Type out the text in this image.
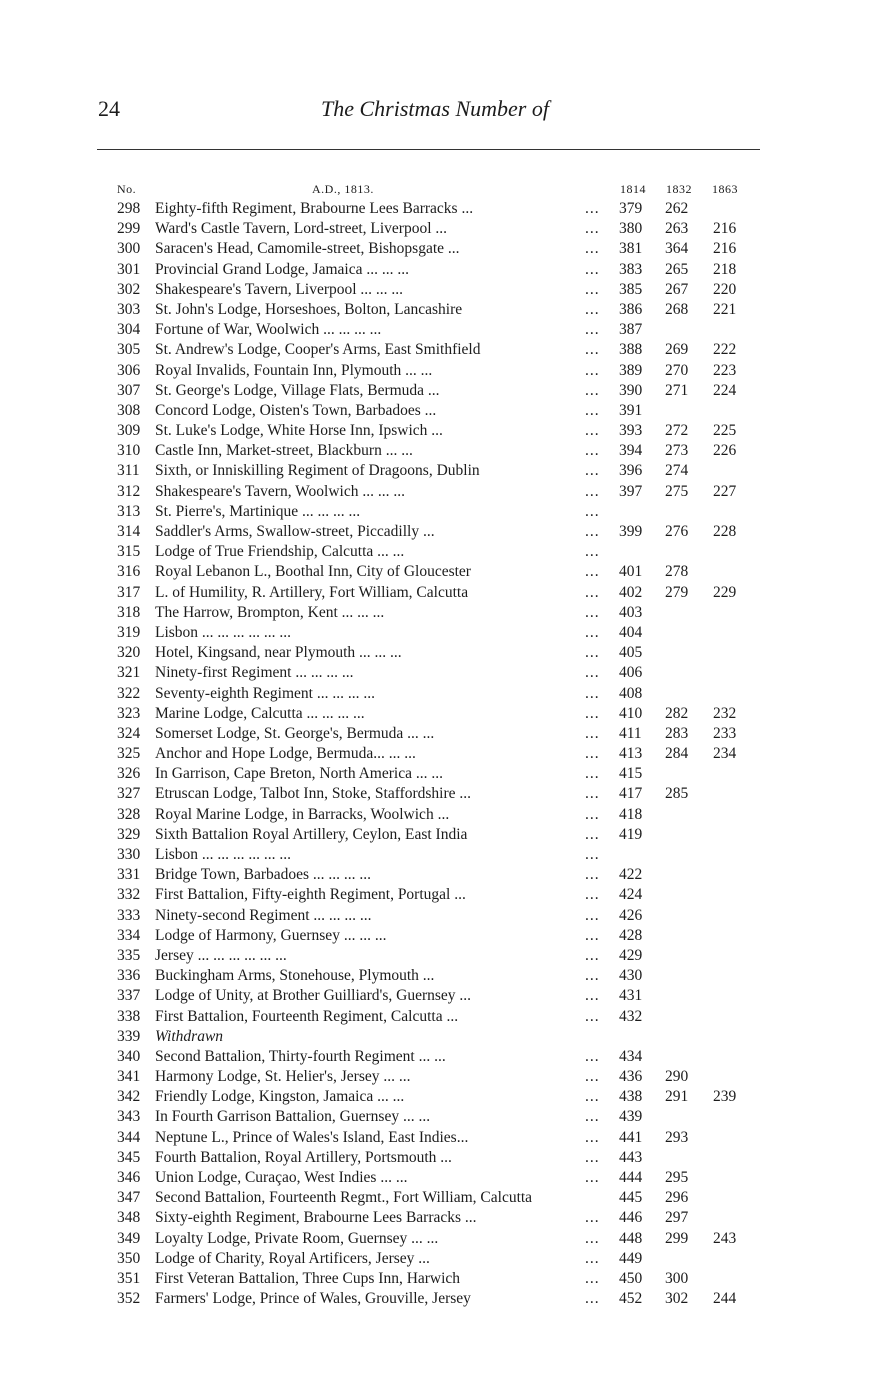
24	The Christmas Number of
No.	A.D., 1813.	1814 1832 1863
298 Eighty-fifth Regiment, Brabourne Lees Barracks ...	... 379 262
299 Ward's Castle Tavern, Lord-street, Liverpool ...	... 380 263 216
300 Saracen's Head, Camomile-street, Bishopsgate ...	... 381 364 216
301 Provincial Grand Lodge, Jamaica ... ... ...	... 383 265 218
302 Shakespeare's Tavern, Liverpool ... ... ...	... 385 267 220
303 St. John's Lodge, Horseshoes, Bolton, Lancashire	... 386 268 221
304 Fortune of War, Woolwich ... ... ... ...	... 387
305 St. Andrew's Lodge, Cooper's Arms, East Smithfield	... 388 269 222
306 Royal Invalids, Fountain Inn, Plymouth ... ...	... 389 270 223
307 St. George's Lodge, Village Flats, Bermuda ...	... 390 271 224
308 Concord Lodge, Oisten's Town, Barbadoes ...	... 391
309 St. Luke's Lodge, White Horse Inn, Ipswich ...	... 393 272 225
310 Castle Inn, Market-street, Blackburn ... ...	... 394 273 226
311 Sixth, or Inniskilling Regiment of Dragoons, Dublin	... 396 274
312 Shakespeare's Tavern, Woolwich ... ... ...	... 397 275 227
313 St. Pierre's, Martinique ... ... ... ...	...
314 Saddler's Arms, Swallow-street, Piccadilly ...	... 399 276 228
315 Lodge of True Friendship, Calcutta ... ...	...
316 Royal Lebanon L., Boothal Inn, City of Gloucester	... 401 278
317 L. of Humility, R. Artillery, Fort William, Calcutta	... 402 279 229
318 The Harrow, Brompton, Kent ... ... ...	... 403
319 Lisbon ... ... ... ... ... ...	... 404
320 Hotel, Kingsand, near Plymouth ... ... ...	... 405
321 Ninety-first Regiment ... ... ... ...	... 406
322 Seventy-eighth Regiment ... ... ... ...	... 408
323 Marine Lodge, Calcutta ... ... ... ...	... 410 282 232
324 Somerset Lodge, St. George's, Bermuda ... ...	... 411 283 233
325 Anchor and Hope Lodge, Bermuda... ... ...	... 413 284 234
326 In Garrison, Cape Breton, North America ... ...	... 415
327 Etruscan Lodge, Talbot Inn, Stoke, Staffordshire ...	... 417 285
328 Royal Marine Lodge, in Barracks, Woolwich ...	... 418
329 Sixth Battalion Royal Artillery, Ceylon, East India	... 419
330 Lisbon ... ... ... ... ... ...	...
331 Bridge Town, Barbadoes ... ... ... ...	... 422
332 First Battalion, Fifty-eighth Regiment, Portugal ...	... 424
333 Ninety-second Regiment ... ... ... ...	... 426
334 Lodge of Harmony, Guernsey ... ... ...	... 428
335 Jersey ... ... ... ... ... ...	... 429
336 Buckingham Arms, Stonehouse, Plymouth ...	... 430
337 Lodge of Unity, at Brother Guilliard's, Guernsey ...	... 431
338 First Battalion, Fourteenth Regiment, Calcutta ...	... 432
339 Withdrawn
340 Second Battalion, Thirty-fourth Regiment ... ...	... 434
341 Harmony Lodge, St. Helier's, Jersey ... ...	... 436 290
342 Friendly Lodge, Kingston, Jamaica ... ...	... 438 291 239
343 In Fourth Garrison Battalion, Guernsey ... ...	... 439
344 Neptune L., Prince of Wales's Island, East Indies...	... 441 293
345 Fourth Battalion, Royal Artillery, Portsmouth ...	... 443
346 Union Lodge, Curaçao, West Indies ... ...	... 444 295
347 Second Battalion, Fourteenth Regmt., Fort William, Calcutta	445 296
348 Sixty-eighth Regiment, Brabourne Lees Barracks ...	... 446 297
349 Loyalty Lodge, Private Room, Guernsey ... ...	... 448 299 243
350 Lodge of Charity, Royal Artificers, Jersey ...	... 449
351 First Veteran Battalion, Three Cups Inn, Harwich	... 450 300
352 Farmers' Lodge, Prince of Wales, Grouville, Jersey	... 452 302 244
